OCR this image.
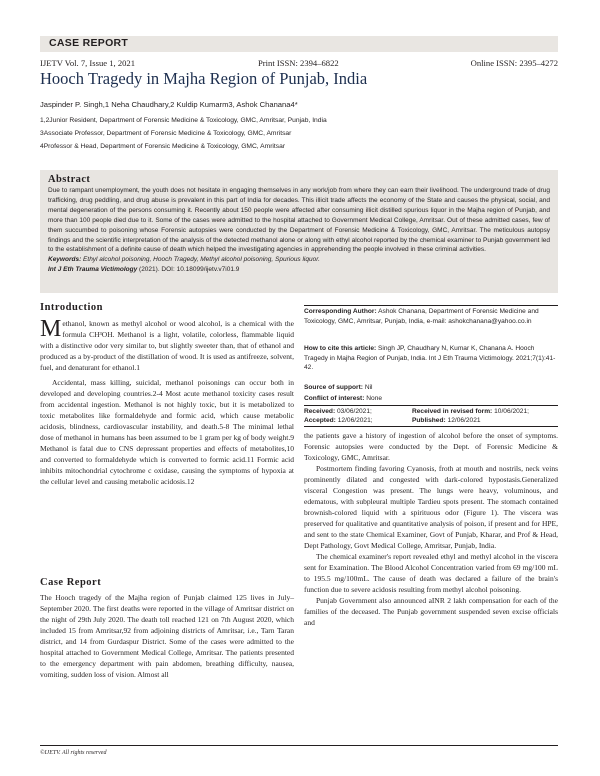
CASE REPORT
IJETV Vol. 7, Issue 1, 2021	Print ISSN: 2394–6822	Online ISSN: 2395–4272
Hooch Tragedy in Majha Region of Punjab, India
Jaspinder P. Singh,1 Neha Chaudhary,2 Kuldip Kumarm3, Ashok Chanana4*
1,2Junior Resident, Department of Forensic Medicine & Toxicology, GMC, Amritsar, Punjab, India
3Associate Professor, Department of Forensic Medicine & Toxicology, GMC, Amritsar
4Professor & Head, Department of Forensic Medicine & Toxicology, GMC, Amritsar
Abstract
Due to rampant unemployment, the youth does not hesitate in engaging themselves in any work/job from where they can earn their livelihood. The underground trade of drug trafficking, drug peddling, and drug abuse is prevalent in this part of India for decades. This illicit trade affects the economy of the State and causes the physical, social, and mental degeneration of the persons consuming it. Recently about 150 people were affected after consuming illicit distilled spurious liquor in the Majha region of Punjab, and more than 100 people died due to it. Some of the cases were admitted to the hospital attached to Government Medical College, Amritsar. Out of these admitted cases, few of them succumbed to poisoning whose Forensic autopsies were conducted by the Department of Forensic Medicine & Toxicology, GMC, Amritsar. The meticulous autopsy findings and the scientific interpretation of the analysis of the detected methanol alone or along with ethyl alcohol reported by the chemical examiner to Punjab government led to the establishment of a definite cause of death which helped the investigating agencies in apprehending the people involved in these criminal activities.
Keywords: Ethyl alcohol poisoning, Hooch Tragedy, Methyl alcohol poisoning, Spurious liquor.
Int J Eth Trauma Victimology (2021). DOI: 10.18099/ijetv.v7i01.9
Introduction

Methanol, known as methyl alcohol or wood alcohol, is a chemical with the formula CH³OH. Methanol is a light, volatile, colorless, flammable liquid with a distinctive odor very similar to, but slightly sweeter than, that of ethanol and produced as a by-product of the distillation of wood. It is used as antifreeze, solvent, fuel, and denaturant for ethanol.1

Accidental, mass killing, suicidal, methanol poisonings can occur both in developed and developing countries.2-4 Most acute methanol toxicity cases result from accidental ingestion. Methanol is not highly toxic, but it is metabolized to toxic metabolites like formaldehyde and formic acid, which cause metabolic acidosis, blindness, cardiovascular instability, and death.5-8 The minimal lethal dose of methanol in humans has been assumed to be 1 gram per kg of body weight.9 Methanol is fatal due to CNS depressant properties and effects of metabolites,10 and converted to formaldehyde which is converted to formic acid.11 Formic acid inhibits mitochondrial cytochrome c oxidase, causing the symptoms of hypoxia at the cellular level and causing metabolic acidosis.12

Case Report
The Hooch tragedy of the Majha region of Punjab claimed 125 lives in July–September 2020. The first deaths were reported in the village of Amritsar district on the night of 29th July 2020. The death toll reached 121 on 7th August 2020, which included 15 from Amritsar,92 from adjoining districts of Amritsar, i.e., Tarn Taran district, and 14 from Gurdaspur District. Some of the cases were admitted to the hospital attached to Government Medical College, Amritsar. The patients presented to the emergency department with pain abdomen, breathing difficulty, nausea, vomiting, sudden loss of vision. Almost all
Corresponding Author: Ashok Chanana, Department of Forensic Medicine and Toxicology, GMC, Amritsar, Punjab, India, e-mail: ashokchanana@yahoo.co.in
How to cite this article: Singh JP, Chaudhary N, Kumar K, Chanana A. Hooch Tragedy in Majha Region of Punjab, India. Int J Eth Trauma Victimology. 2021;7(1):41-42.
Source of support: Nil
Conflict of interest: None
Received: 03/06/2021;	Received in revised form: 10/06/2021;
Accepted: 12/06/2021;	Published: 12/06/2021

the patients gave a history of ingestion of alcohol before the onset of symptoms. Forensic autopsies were conducted by the Dept. of Forensic Medicine & Toxicology, GMC, Amritsar.

Postmortem finding favoring Cyanosis, froth at mouth and nostrils, neck veins prominently dilated and congested with dark-colored hypostasis.Generalized visceral Congestion was present. The lungs were heavy, voluminous, and edematous, with subpleural multiple Tardieu spots present. The stomach contained brownish-colored liquid with a spirituous odor (Figure 1). The viscera was preserved for qualitative and quantitative analysis of poison, if present and for HPE, and sent to the state Chemical Examiner, Govt of Punjab, Kharar, and Prof & Head, Dept Pathology, Govt Medical College, Amritsar, Punjab, India.

The chemical examiner's report revealed ethyl and methyl alcohol in the viscera sent for Examination. The Blood Alcohol Concentration varied from 69 mg/100 mL to 195.5 mg/100mL. The cause of death was declared a failure of the brain's function due to severe acidosis resulting from methyl alcohol poisoning.

Punjab Government also announced aINR 2 lakh compensation for each of the families of the deceased. The Punjab government suspended seven excise officials and

©IJETV. All rights reserved
